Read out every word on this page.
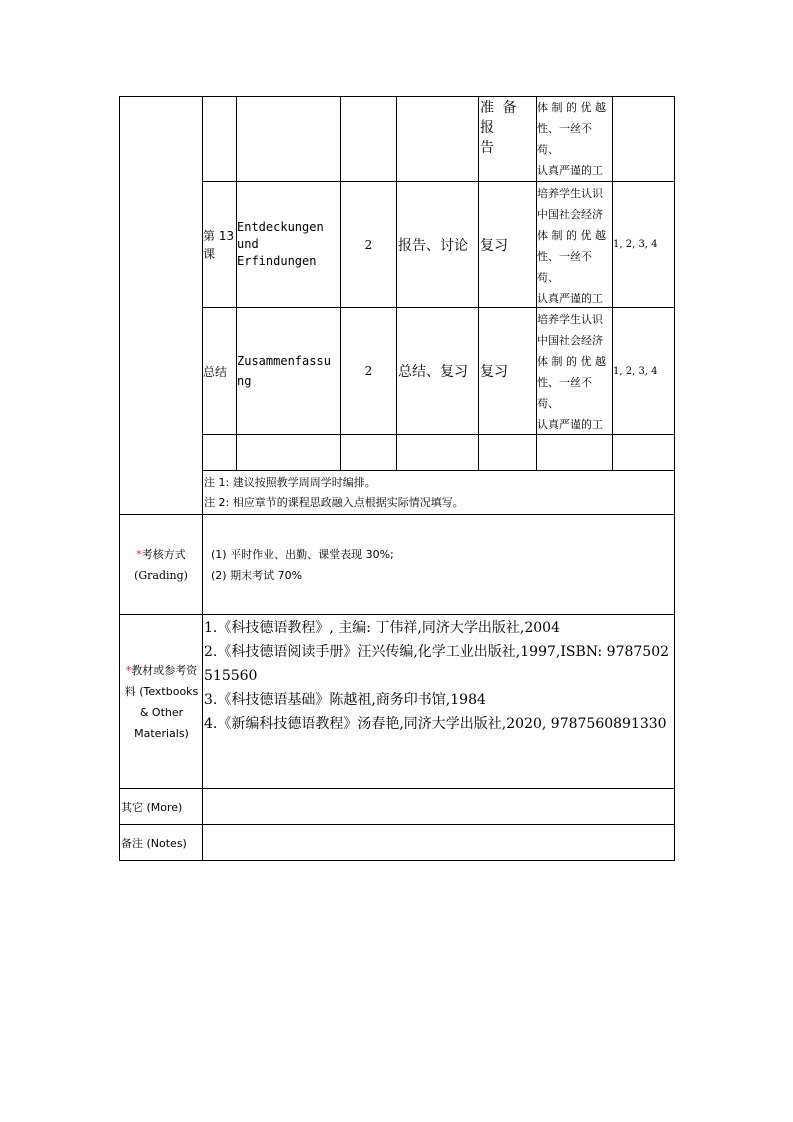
准 备 报
告
体 制 的 优 越
性、一丝不苟、
认真严谨的工

第 13
课
Entdeckungen
und
Erfindungen
2	报告、讨论 复习
培养学生认识
中国社会经济
体 制 的 优 越
性、一丝不苟、
认真严谨的工

1, 2, 3, 4
总结
Zusammenfassu
ng
2	总结、复习 复习
培养学生认识
中国社会经济
体 制 的 优 越
性、一丝不苟、
认真严谨的工

1, 2, 3, 4
注 1: 建议按照教学周周学时编排。
注 2: 相应章节的课程思政融入点根据实际情况填写。
*考核方式
(Grading)
(1) 平时作业、出勤、课堂表现 30%;
(2) 期末考试 70%
*教材或参考资料 (Textbooks & Other Materials)
1.《科技德语教程》, 主编: 丁伟祥,同济大学出版社,2004
2.《科技德语阅读手册》汪兴传编,化学工业出版社,1997,ISBN: 9787502515560
3.《科技德语基础》陈越祖,商务印书馆,1984
4.《新编科技德语教程》汤春艳,同济大学出版社,2020, 9787560891330
其它 (More)
备注 (Notes)
